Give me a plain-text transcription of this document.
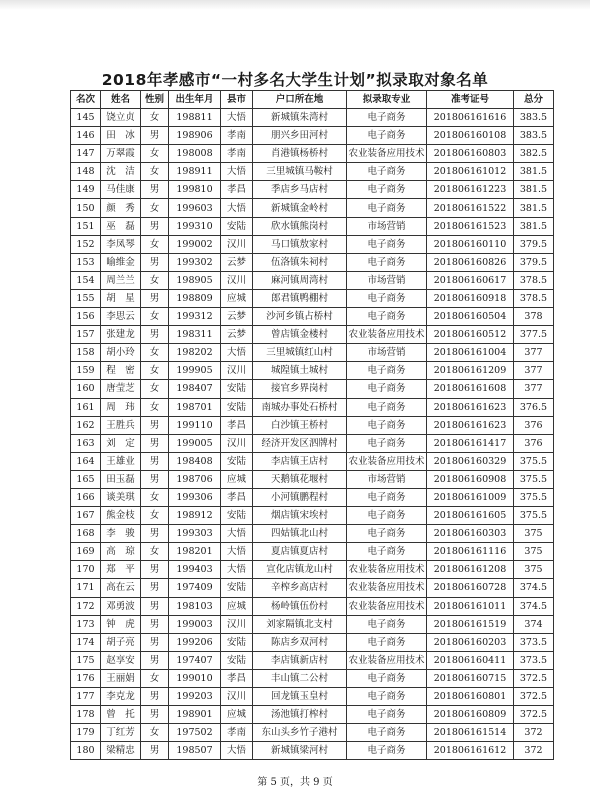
2018年孝感市“一村多名大学生计划”拟录取对象名单
名次	姓名	性别	出生年月	县市	户口所在地	拟录取专业	准考证号	总分
145	饶立贞	女	198811	大悟	新城镇朱湾村	电子商务	201806161616	383.5
146	田　冰	男	198906	孝南	朋兴乡田河村	电子商务	201806160108	383.5
147	万翠霞	女	198008	孝南	肖港镇杨桥村	农业装备应用技术	201806160803	382.5
148	沈　洁	女	198911	大悟	三里城镇马鞍村	电子商务	201806161012	381.5
149	马佳康	男	199810	孝昌	季店乡马店村	电子商务	201806161223	381.5
150	颜　秀	女	199603	大悟	新城镇金岭村	电子商务	201806161522	381.5
151	巫　磊	男	199310	安陆	欣水镇熊岗村	市场营销	201806161523	381.5
152	李凤琴	女	199002	汉川	马口镇敖家村	电子商务	201806160110	379.5
153	喻维金	男	199302	云梦	伍洛镇朱祠村	电子商务	201806160826	379.5
154	周兰兰	女	198905	汉川	麻河镇周湾村	市场营销	201806160617	378.5
155	胡　星	男	198809	应城	郎君镇鸭棚村	电子商务	201806160918	378.5
156	李思云	女	199312	云梦	沙河乡镇占桥村	电子商务	201806160504	378
157	张建龙	男	198311	云梦	曾店镇金楼村	农业装备应用技术	201806160512	377.5
158	胡小玲	女	198202	大悟	三里城镇红山村	市场营销	201806161004	377
159	程　密	女	199905	汉川	城隍镇土城村	电子商务	201806161209	377
160	唐莹芝	女	198407	安陆	接官乡界岗村	电子商务	201806161608	377
161	周　玮	女	198701	安陆	南城办事处石桥村	电子商务	201806161623	376.5
162	王胜兵	男	199110	孝昌	白沙镇王桥村	电子商务	201806161623	376
163	刘　定	男	199005	汉川	经济开发区泗牌村	电子商务	201806161417	376
164	王雄业	男	198408	安陆	李店镇王店村	农业装备应用技术	201806160329	375.5
165	田玉磊	男	198706	应城	天鹅镇花堰村	市场营销	201806160908	375.5
166	谈美琪	女	199306	孝昌	小河镇鹏程村	电子商务	201806161009	375.5
167	熊金枝	女	198912	安陆	烟店镇宋埃村	电子商务	201806161605	375.5
168	李　骏	男	199303	大悟	四姑镇北山村	电子商务	201806160303	375
169	高　琼	女	198201	大悟	夏店镇夏店村	电子商务	201806161116	375
170	郑　平	男	199403	大悟	宣化店镇龙山村	农业装备应用技术	201806161208	375
171	高在云	男	197409	安陆	辛榨乡高店村	农业装备应用技术	201806160728	374.5
172	邓勇波	男	198103	应城	杨岭镇伍份村	农业装备应用技术	201806161011	374.5
173	钟　虎	男	199003	汉川	刘家隔镇北支村	电子商务	201806161519	374
174	胡子亮	男	199206	安陆	陈店乡双河村	电子商务	201806160203	373.5
175	赵享安	男	197407	安陆	李店镇新店村	农业装备应用技术	201806160411	373.5
176	王丽娟	女	199010	孝昌	丰山镇二公村	电子商务	201806160715	372.5
177	李克龙	男	199203	汉川	回龙镇玉皇村	电子商务	201806160801	372.5
178	曾　托	男	198901	应城	汤池镇打榨村	电子商务	201806160809	372.5
179	丁红芳	女	197502	孝南	东山头乡竹子港村	电子商务	201806161514	372
180	梁精忠	男	198507	大悟	新城镇梁河村	电子商务	201806161612	372
第 5 页，共 9 页
